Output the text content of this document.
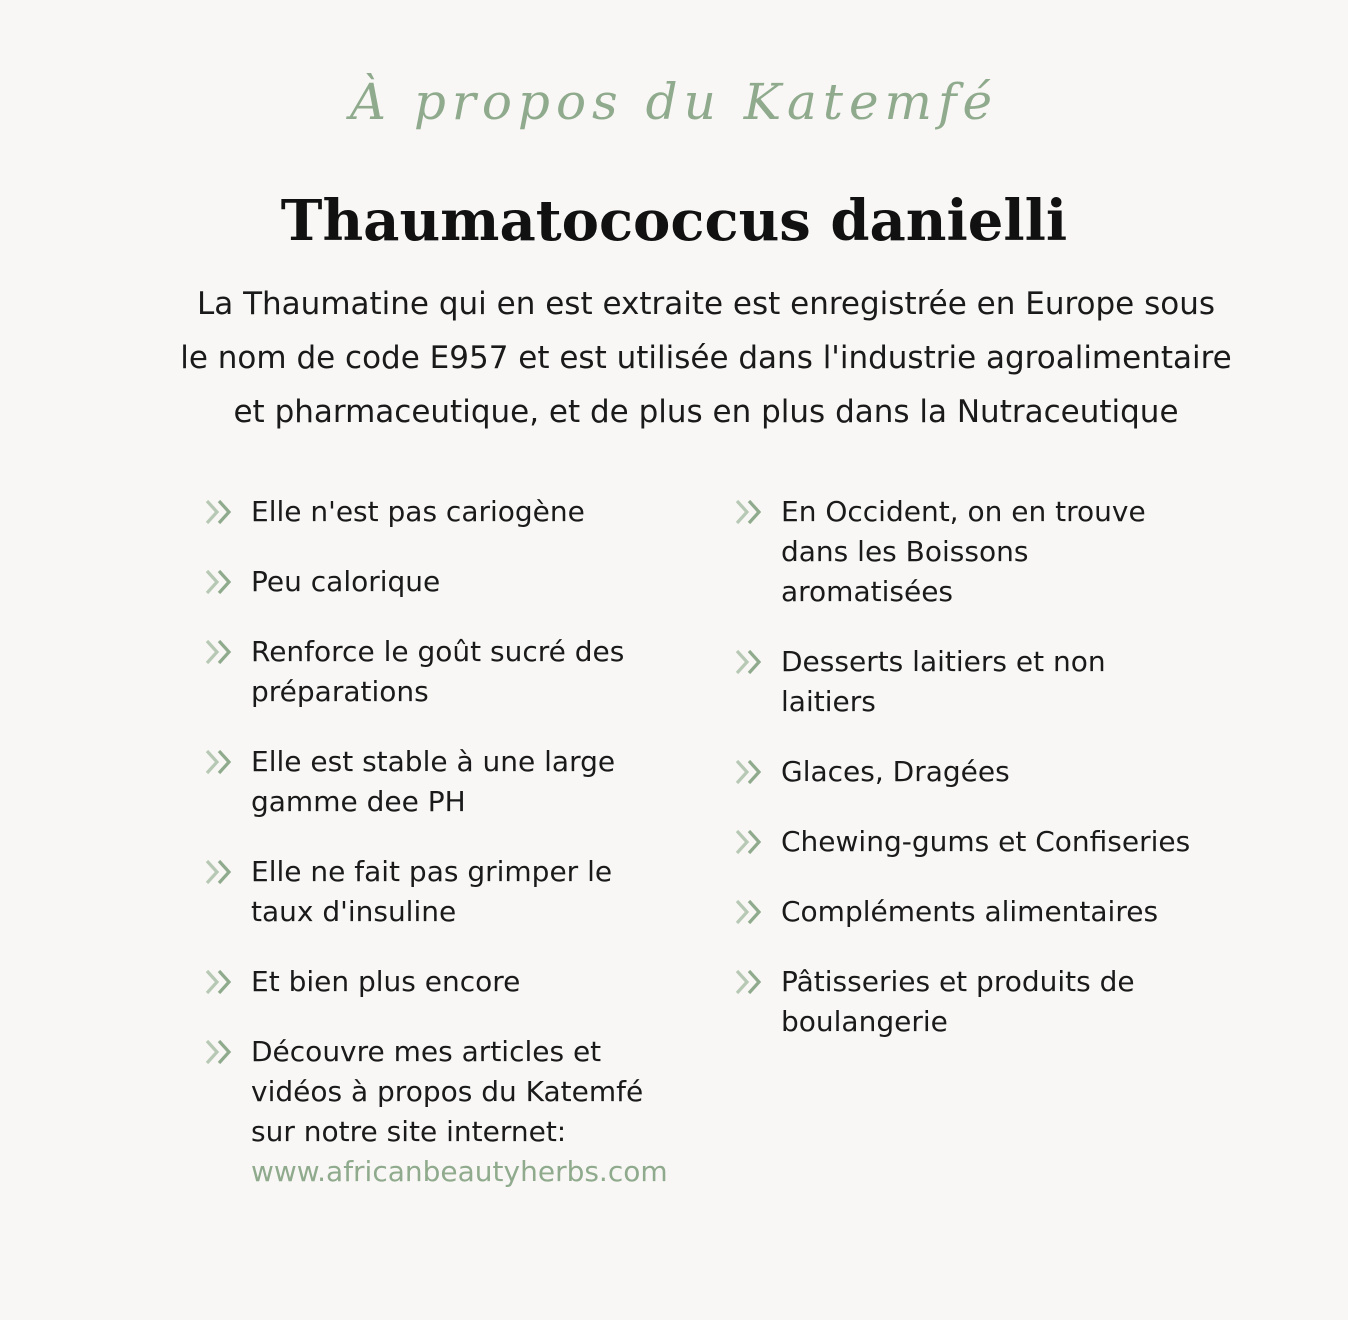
À propos du Katemfé
Thaumatococcus danielli

La Thaumatine qui en est extraite est enregistrée en Europe sous le nom de code E957 et est utilisée dans l'industrie agroalimentaire et pharmaceutique, et de plus en plus dans la Nutraceutique

Elle n'est pas cariogène
Peu calorique
Renforce le goût sucré des préparations
Elle est stable à une large gamme dee PH
Elle ne fait pas grimper le taux d'insuline
Et bien plus encore
Découvre mes articles et vidéos à propos du Katemfé sur notre site internet:
www.africanbeautyherbs.com
En Occident, on en trouve dans les Boissons aromatisées
Desserts laitiers et non laitiers
Glaces, Dragées
Chewing-gums et Confiseries
Compléments alimentaires
Pâtisseries et produits de boulangerie
